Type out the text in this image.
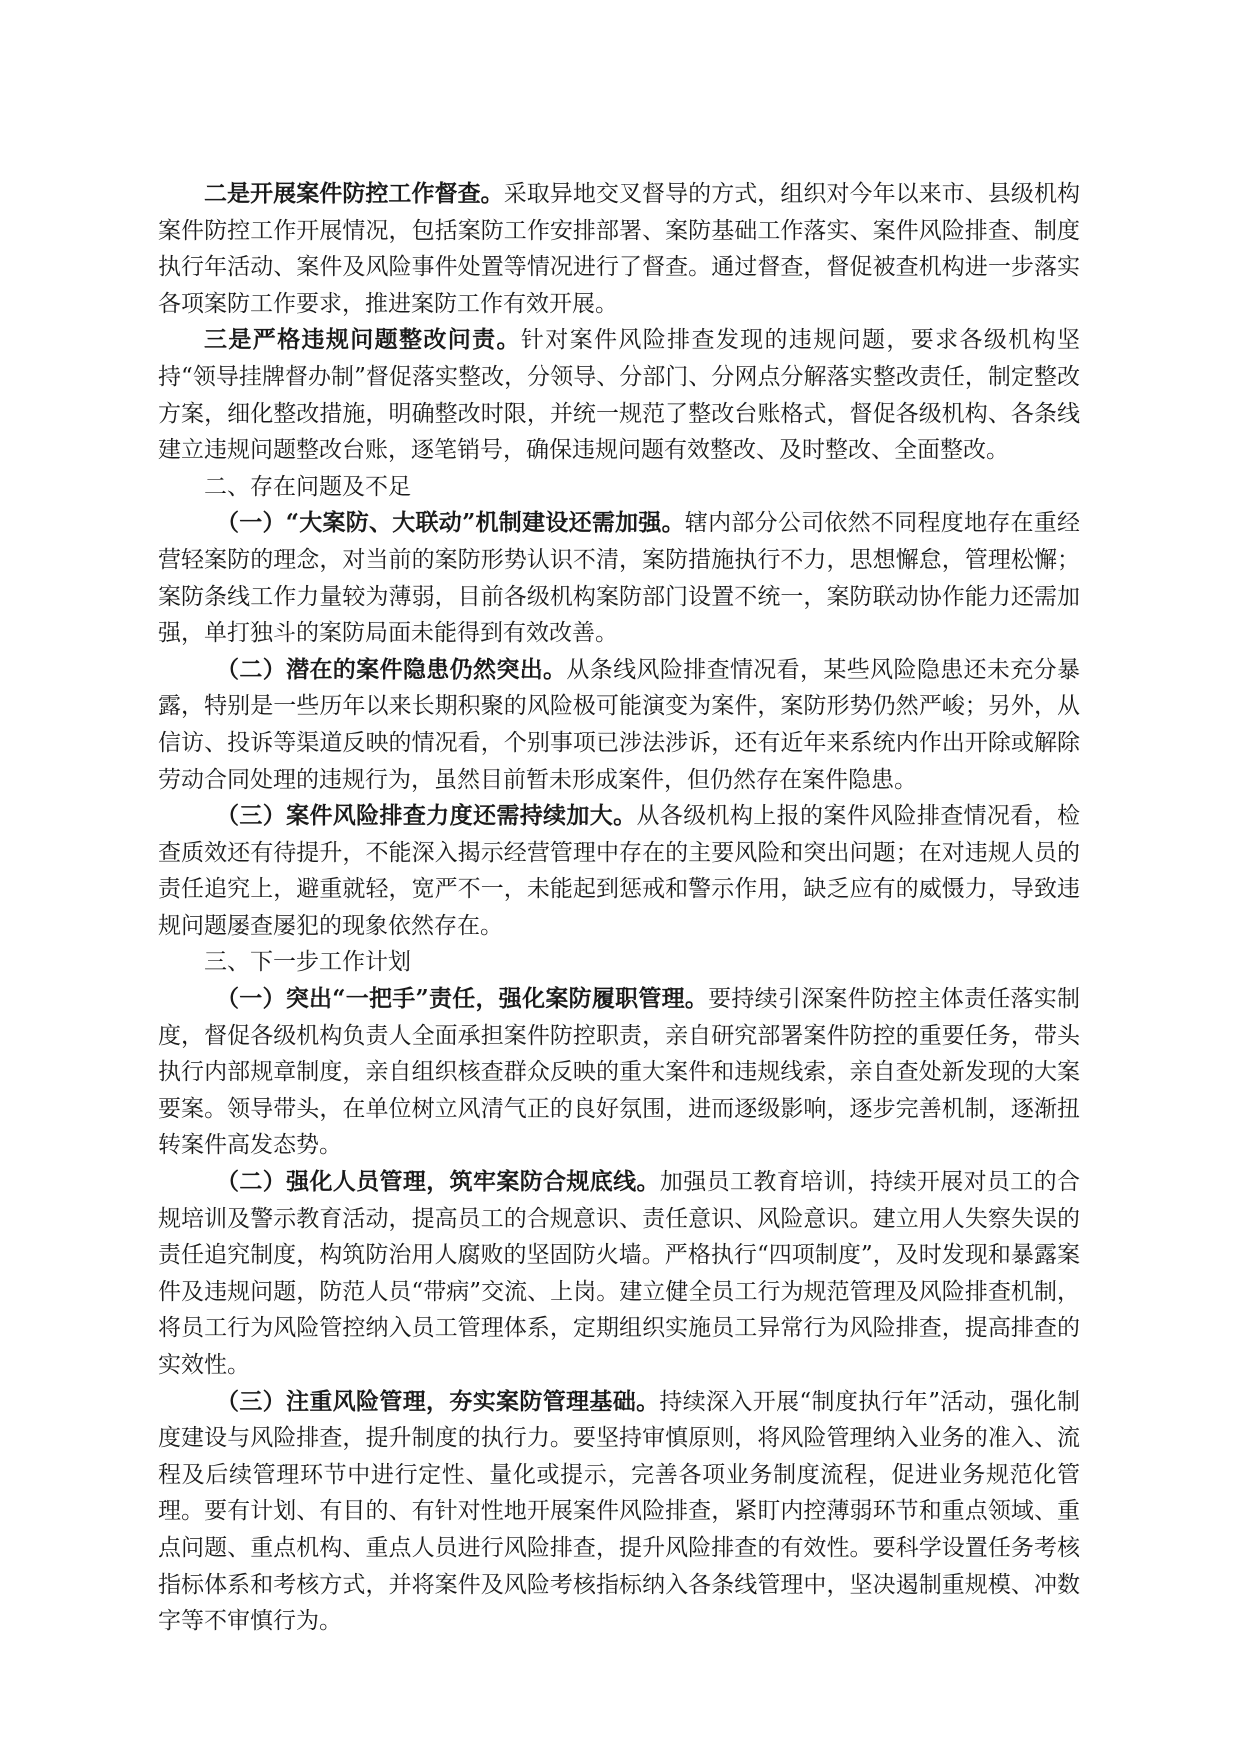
二是开展案件防控工作督查。采取异地交叉督导的方式，组织对今年以来市、县级机构案件防控工作开展情况，包括案防工作安排部署、案防基础工作落实、案件风险排查、制度执行年活动、案件及风险事件处置等情况进行了督查。通过督查，督促被查机构进一步落实各项案防工作要求，推进案防工作有效开展。

三是严格违规问题整改问责。针对案件风险排查发现的违规问题，要求各级机构坚持“领导挂牌督办制”督促落实整改，分领导、分部门、分网点分解落实整改责任，制定整改方案，细化整改措施，明确整改时限，并统一规范了整改台账格式，督促各级机构、各条线建立违规问题整改台账，逐笔销号，确保违规问题有效整改、及时整改、全面整改。

二、存在问题及不足

（一）“大案防、大联动”机制建设还需加强。辖内部分公司依然不同程度地存在重经营轻案防的理念，对当前的案防形势认识不清，案防措施执行不力，思想懈怠，管理松懈；案防条线工作力量较为薄弱，目前各级机构案防部门设置不统一，案防联动协作能力还需加强，单打独斗的案防局面未能得到有效改善。

（二）潜在的案件隐患仍然突出。从条线风险排查情况看，某些风险隐患还未充分暴露，特别是一些历年以来长期积聚的风险极可能演变为案件，案防形势仍然严峻；另外，从信访、投诉等渠道反映的情况看，个别事项已涉法涉诉，还有近年来系统内作出开除或解除劳动合同处理的违规行为，虽然目前暂未形成案件，但仍然存在案件隐患。

（三）案件风险排查力度还需持续加大。从各级机构上报的案件风险排查情况看，检查质效还有待提升，不能深入揭示经营管理中存在的主要风险和突出问题；在对违规人员的责任追究上，避重就轻，宽严不一，未能起到惩戒和警示作用，缺乏应有的威慑力，导致违规问题屡查屡犯的现象依然存在。

三、下一步工作计划

（一）突出“一把手”责任，强化案防履职管理。要持续引深案件防控主体责任落实制度，督促各级机构负责人全面承担案件防控职责，亲自研究部署案件防控的重要任务，带头执行内部规章制度，亲自组织核查群众反映的重大案件和违规线索，亲自查处新发现的大案要案。领导带头，在单位树立风清气正的良好氛围，进而逐级影响，逐步完善机制，逐渐扭转案件高发态势。

（二）强化人员管理，筑牢案防合规底线。加强员工教育培训，持续开展对员工的合规培训及警示教育活动，提高员工的合规意识、责任意识、风险意识。建立用人失察失误的责任追究制度，构筑防治用人腐败的坚固防火墙。严格执行“四项制度”，及时发现和暴露案件及违规问题，防范人员“带病”交流、上岗。建立健全员工行为规范管理及风险排查机制，将员工行为风险管控纳入员工管理体系，定期组织实施员工异常行为风险排查，提高排查的实效性。

（三）注重风险管理，夯实案防管理基础。持续深入开展“制度执行年”活动，强化制度建设与风险排查，提升制度的执行力。要坚持审慎原则，将风险管理纳入业务的准入、流程及后续管理环节中进行定性、量化或提示，完善各项业务制度流程，促进业务规范化管理。要有计划、有目的、有针对性地开展案件风险排查，紧盯内控薄弱环节和重点领域、重点问题、重点机构、重点人员进行风险排查，提升风险排查的有效性。要科学设置任务考核指标体系和考核方式，并将案件及风险考核指标纳入各条线管理中，坚决遏制重规模、冲数字等不审慎行为。
